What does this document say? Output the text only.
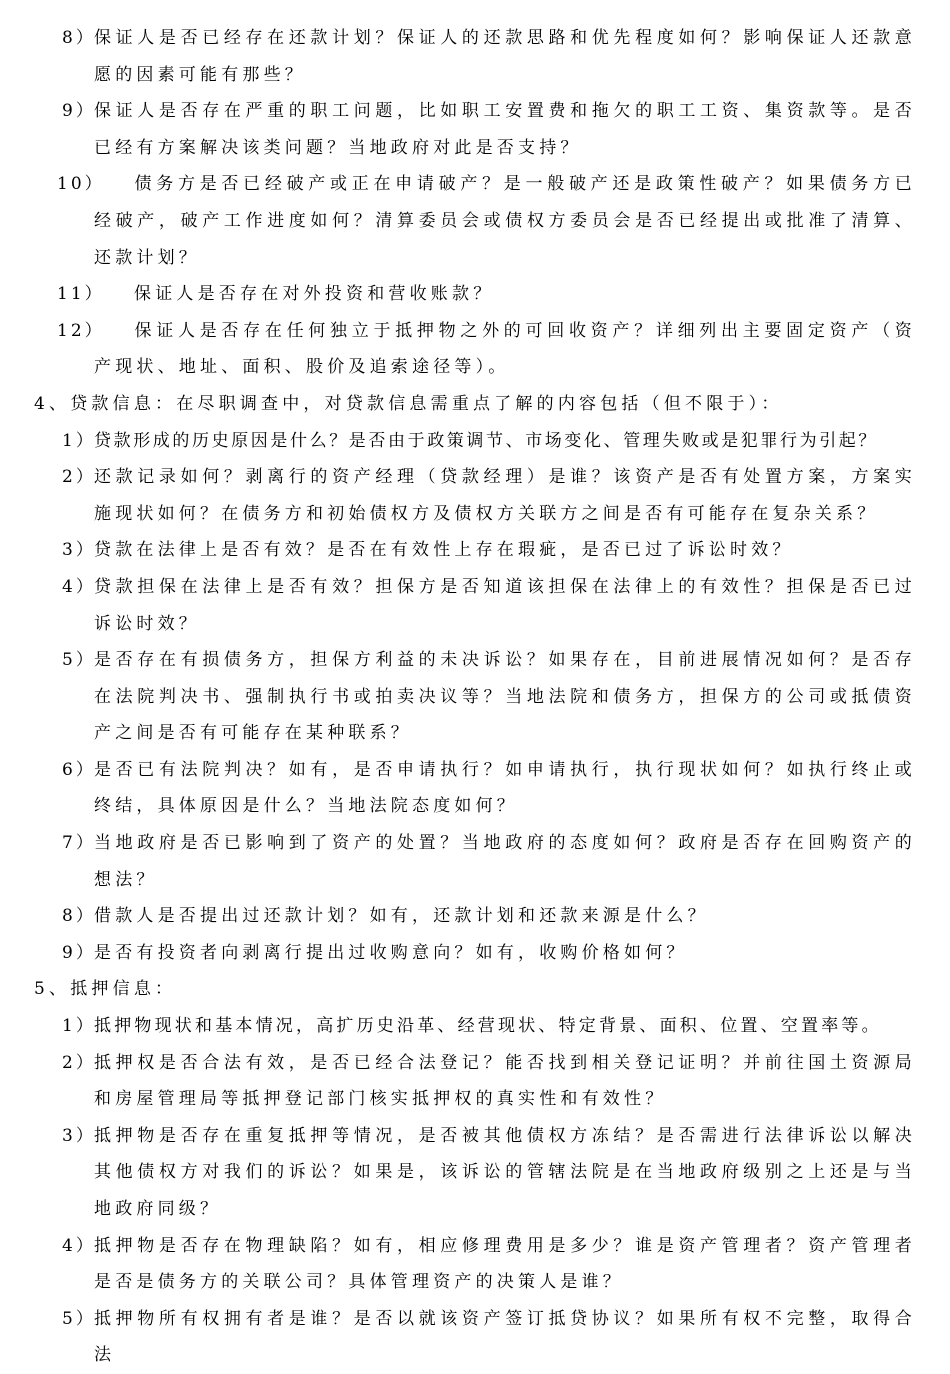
8）
保证人是否已经存在还款计划？保证人的还款思路和优先程度如何？影响保证人还款意愿的因素可能有那些？
9）
保证人是否存在严重的职工问题，比如职工安置费和拖欠的职工工资、集资款等。是否已经有方案解决该类问题？当地政府对此是否支持？
10） 债务方是否已经破产或正在申请破产？是一般破产还是政策性破产？如果债务方已经破产，破产工作进度如何？清算委员会或债权方委员会是否已经提出或批准了清算、还款计划？
11） 保证人是否存在对外投资和营收账款？
12） 保证人是否存在任何独立于抵押物之外的可回收资产？详细列出主要固定资产（资产现状、地址、面积、股价及追索途径等）。
4、贷款信息：在尽职调查中，对贷款信息需重点了解的内容包括（但不限于）：
1）
贷款形成的历史原因是什么？是否由于政策调节、市场变化、管理失败或是犯罪行为引起？
2）
还款记录如何？剥离行的资产经理（贷款经理）是谁？该资产是否有处置方案，方案实施现状如何？在债务方和初始债权方及债权方关联方之间是否有可能存在复杂关系？
3）
贷款在法律上是否有效？是否在有效性上存在瑕疵，是否已过了诉讼时效？
4）
贷款担保在法律上是否有效？担保方是否知道该担保在法律上的有效性？担保是否已过诉讼时效？
5）
是否存在有损债务方，担保方利益的未决诉讼？如果存在，目前进展情况如何？是否存在法院判决书、强制执行书或拍卖决议等？当地法院和债务方，担保方的公司或抵债资产之间是否有可能存在某种联系？
6）
是否已有法院判决？如有，是否申请执行？如申请执行，执行现状如何？如执行终止或终结，具体原因是什么？当地法院态度如何？
7）
当地政府是否已影响到了资产的处置？当地政府的态度如何？政府是否存在回购资产的想法？
8）
借款人是否提出过还款计划？如有，还款计划和还款来源是什么？
9）
是否有投资者向剥离行提出过收购意向？如有，收购价格如何？
5、抵押信息：
1）
抵押物现状和基本情况，高扩历史沿革、经营现状、特定背景、面积、位置、空置率等。
2）
抵押权是否合法有效，是否已经合法登记？能否找到相关登记证明？并前往国土资源局和房屋管理局等抵押登记部门核实抵押权的真实性和有效性？
3）
抵押物是否存在重复抵押等情况，是否被其他债权方冻结？是否需进行法律诉讼以解决其他债权方对我们的诉讼？如果是，该诉讼的管辖法院是在当地政府级别之上还是与当地政府同级？
4）
抵押物是否存在物理缺陷？如有，相应修理费用是多少？谁是资产管理者？资产管理者是否是债务方的关联公司？具体管理资产的决策人是谁？
5）
抵押物所有权拥有者是谁？是否以就该资产签订抵贷协议？如果所有权不完整，取得合法
